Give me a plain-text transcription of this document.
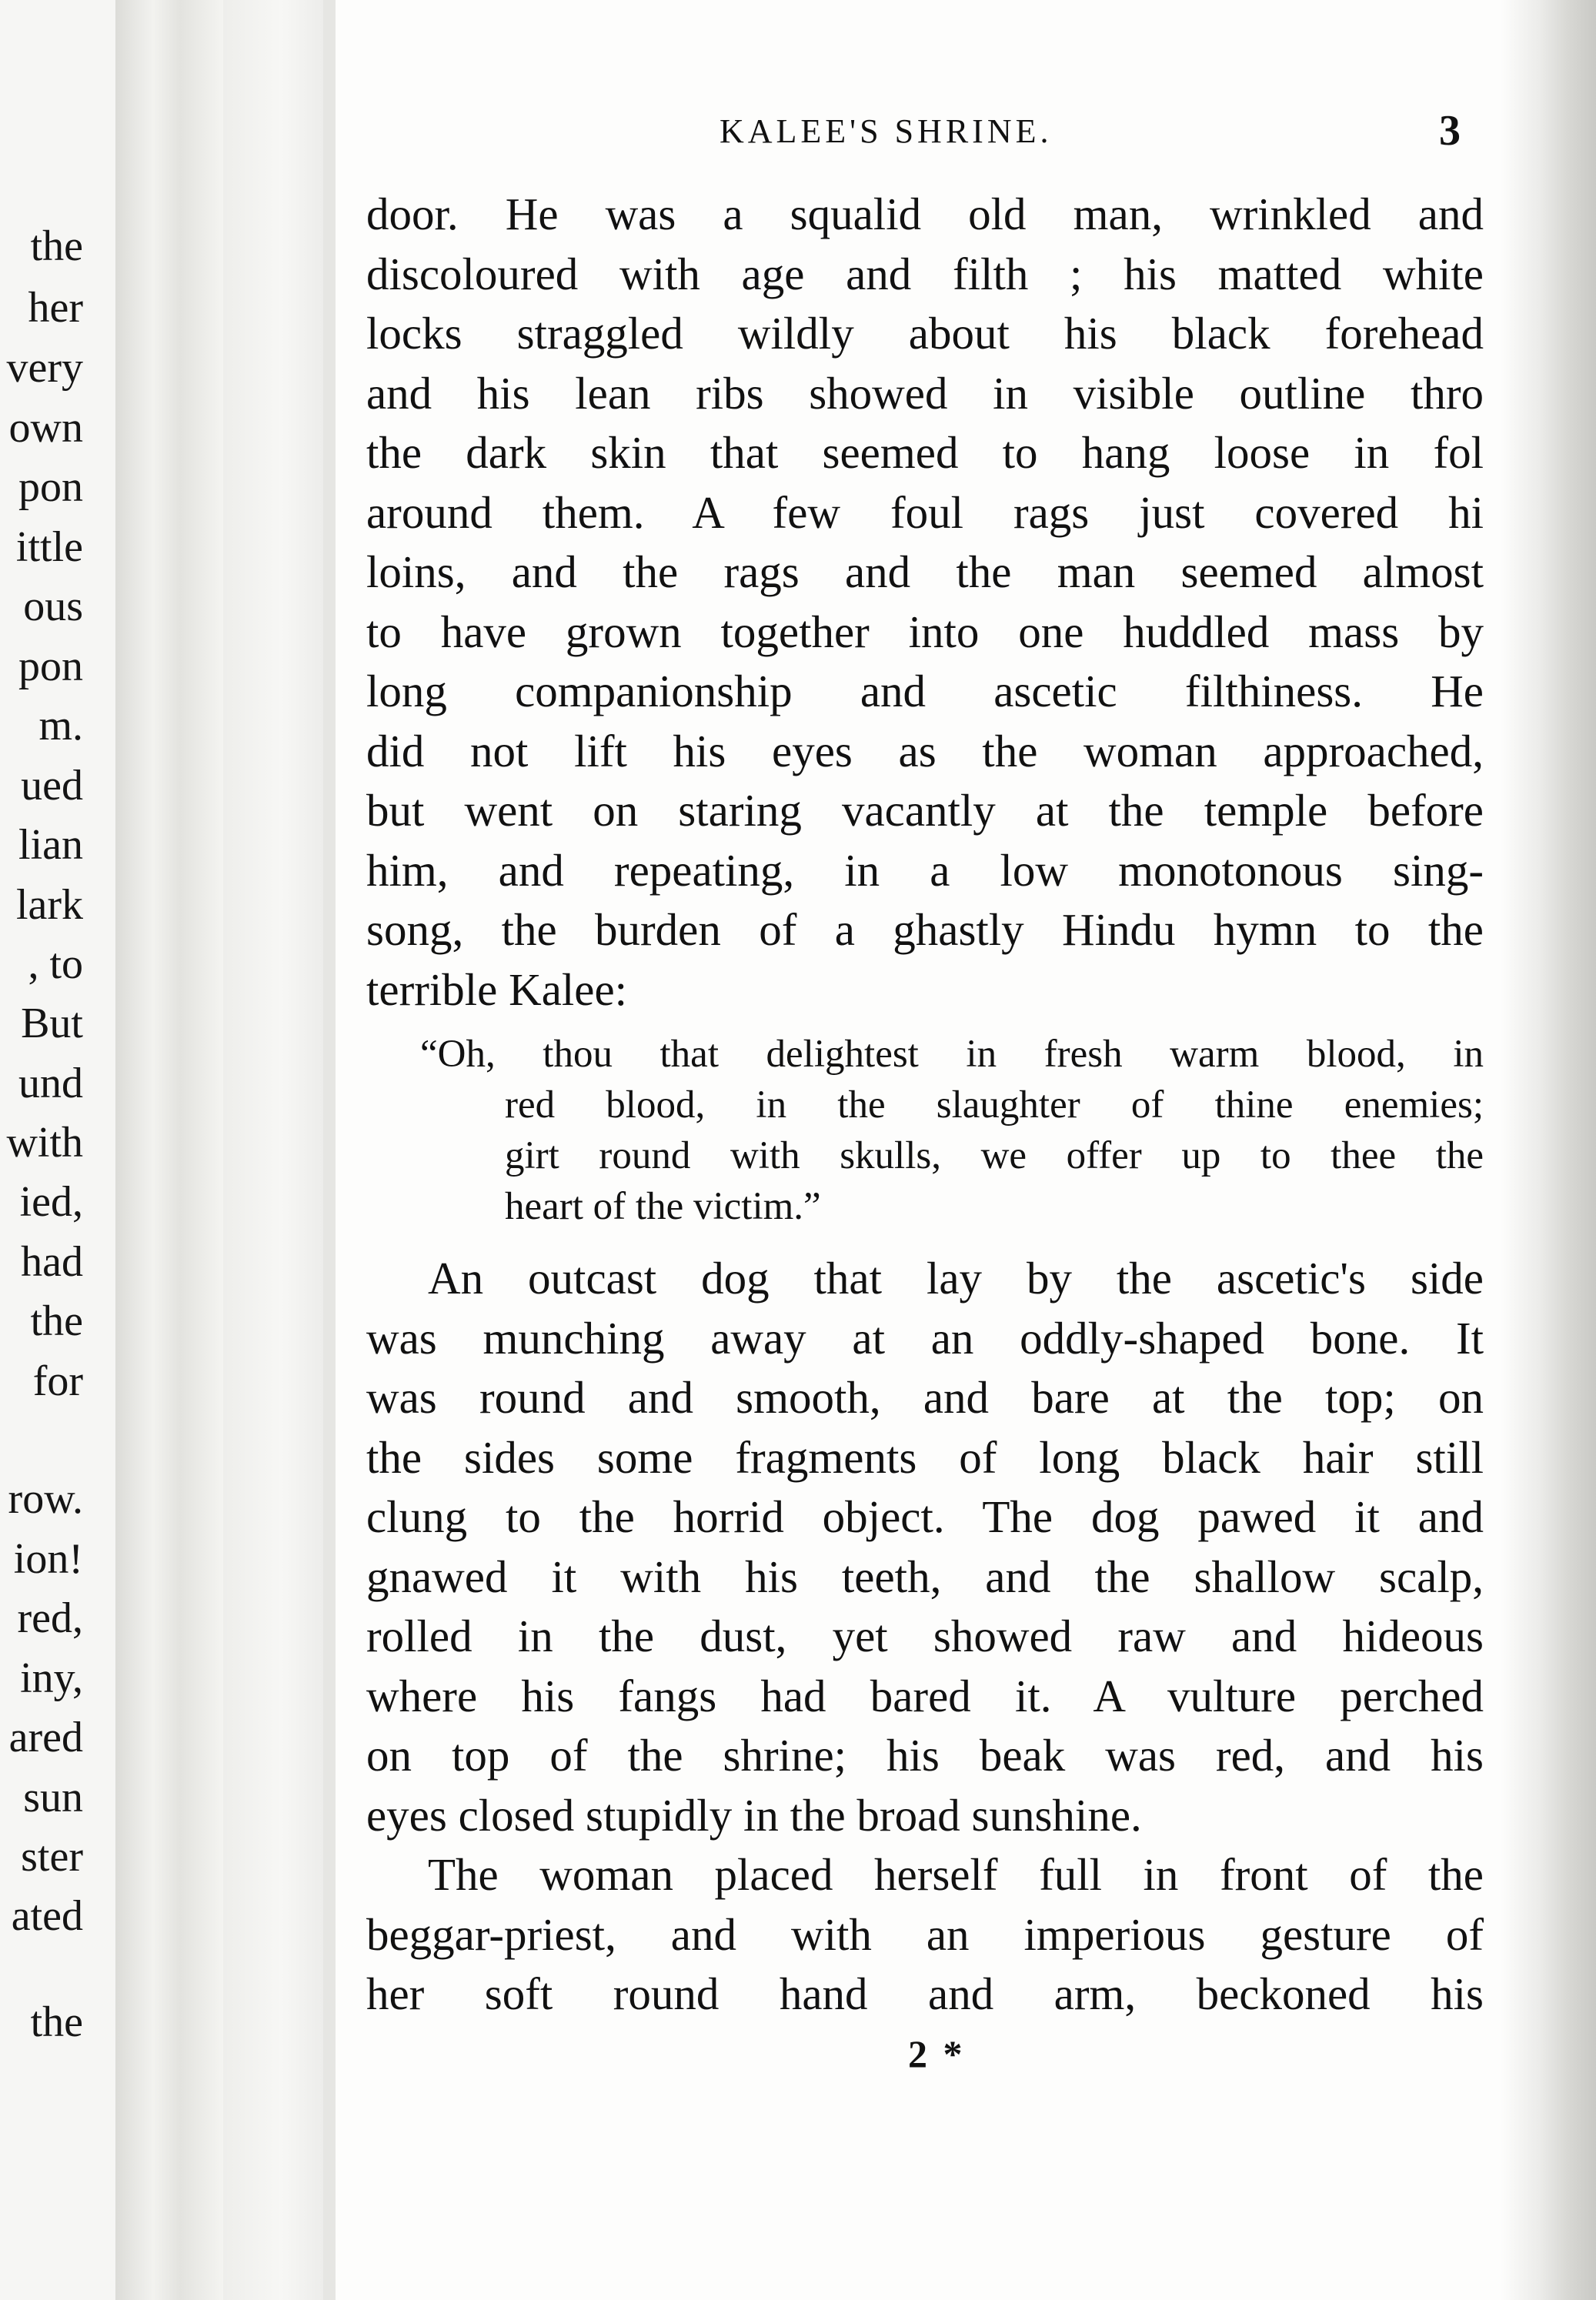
the
her
very
own
pon
ittle
ous
pon
m.
ued
lian
lark
, to
But
und
with
ied,
had
the
for
row.
ion!
red,
iny,
ared
sun
ster
ated
the
KALEE'S SHRINE.	3
door. He was a squalid old man, wrinkled and
discoloured with age and filth ; his matted white
locks straggled wildly about his black forehead
and his lean ribs showed in visible outline thro
the dark skin that seemed to hang loose in fol
around them. A few foul rags just covered hi
loins, and the rags and the man seemed almost
to have grown together into one huddled mass by
long companionship and ascetic filthiness. He
did not lift his eyes as the woman approached,
but went on staring vacantly at the temple before
him, and repeating, in a low monotonous sing-
song, the burden of a ghastly Hindu hymn to the
terrible Kalee:
“Oh, thou that delightest in fresh warm blood, in
red blood, in the slaughter of thine enemies;
girt round with skulls, we offer up to thee the
heart of the victim.”
An outcast dog that lay by the ascetic's side
was munching away at an oddly-shaped bone. It
was round and smooth, and bare at the top; on
the sides some fragments of long black hair still
clung to the horrid object. The dog pawed it and
gnawed it with his teeth, and the shallow scalp,
rolled in the dust, yet showed raw and hideous
where his fangs had bared it. A vulture perched
on top of the shrine; his beak was red, and his
eyes closed stupidly in the broad sunshine.
The woman placed herself full in front of the
beggar-priest, and with an imperious gesture of
her soft round hand and arm, beckoned his
2 *
